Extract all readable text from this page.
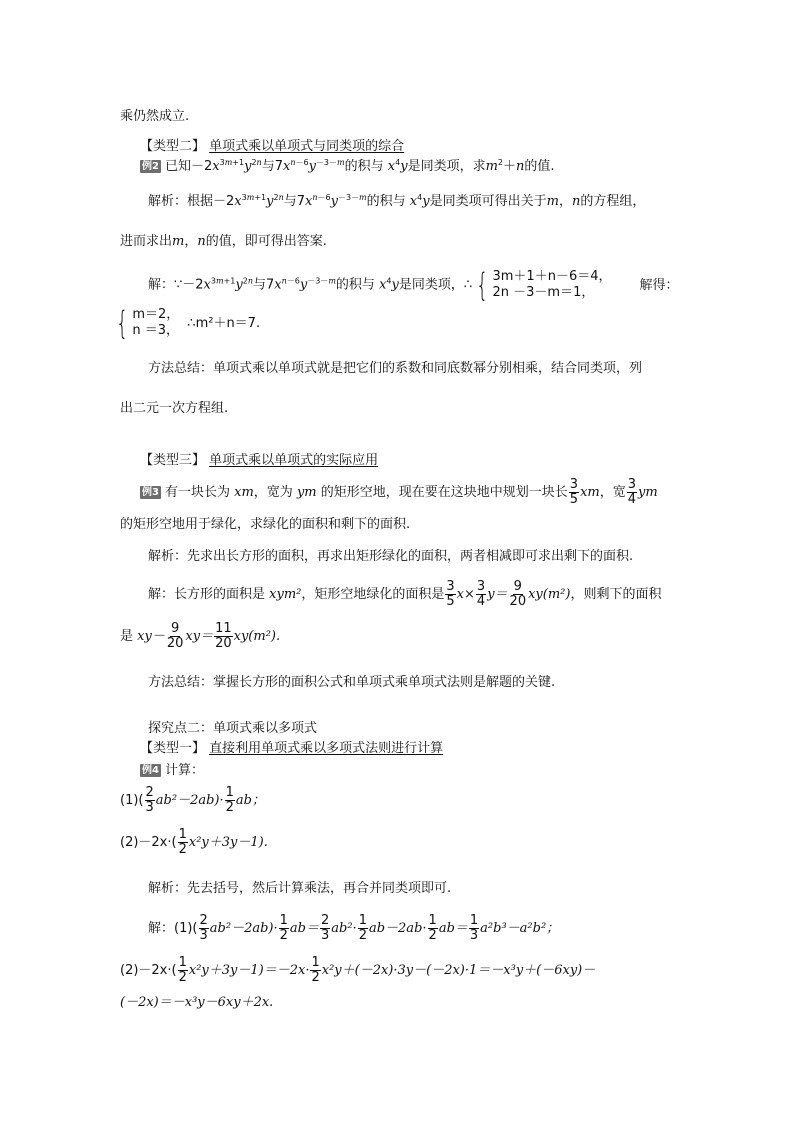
乘仍然成立.
【类型二】 单项式乘以单项式与同类项的综合
例2 已知$-2x^{3m+1}y^{2n}$与$7x^{n-6}y^{-3-m}$的积与 $x^4y$是同类项，求$m^2+n$的值.
解析：根据$-2x^{3m+1}y^{2n}$与$7x^{n-6}y^{-3-m}$的积与 $x^4y$是同类项可得出关于m，n的方程组，
进而求出m，n的值，即可得出答案.
解：$\because-2x^{3m+1}y^{2n}$与$7x^{n-6}y^{-3-m}$的积与 $x^4y$是同类项，∴ { 3m＋1＋n－6＝4，
2n －3－m＝1，	解得：
{ m＝2，
n ＝3， ∴m²＋n＝7.
方法总结：单项式乘以单项式就是把它们的系数和同底数幂分别相乘，结合同类项，列
出二元一次方程组.
【类型三】 单项式乘以单项式的实际应用
例3 有一块长为 xm，宽为 ym 的矩形空地，现在要在这块地中规划一块长 $\frac{3}{5}$ xm，宽 $\frac{3}{4}$ ym
的矩形空地用于绿化，求绿化的面积和剩下的面积.
解析：先求出长方形的面积，再求出矩形绿化的面积，两者相减即可求出剩下的面积.
解：长方形的面积是 xym²，矩形空地绿化的面积是 $\frac{3}{5} x\times \frac{3}{4} y= \frac{9}{20} xy(m^2)$，则剩下的面积
是 $xy- \frac{9}{20} xy= \frac{11}{20} xy(m^2)$.
方法总结：掌握长方形的面积公式和单项式乘单项式法则是解题的关键.
探究点二：单项式乘以多项式
【类型一】 直接利用单项式乘以多项式法则进行计算
例4 计算：
$(1)( \frac{2}{3} ab^2-2ab)\cdot \frac{1}{2}$ ab；
$(2)-2x\cdot( \frac{1}{2} x^2y+3y-1)$.
解析：先去括号，然后计算乘法，再合并同类项即可.
解：$(1)( \frac{2}{3} ab^2-2ab)\cdot \frac{1}{2} ab= \frac{2}{3} ab^2\cdot \frac{1}{2} ab-2ab\cdot \frac{1}{2} ab= \frac{1}{3} a^2b^3-a^2b^2$；
$(2)-2x\cdot( \frac{1}{2} x^2y+3y-1)=-2x\cdot \frac{1}{2} x^2y+(-2x)\cdot 3y-(-2x)\cdot 1=-x^3y+(-6xy)-$
(－2x)＝－x³y－6xy＋2x.
